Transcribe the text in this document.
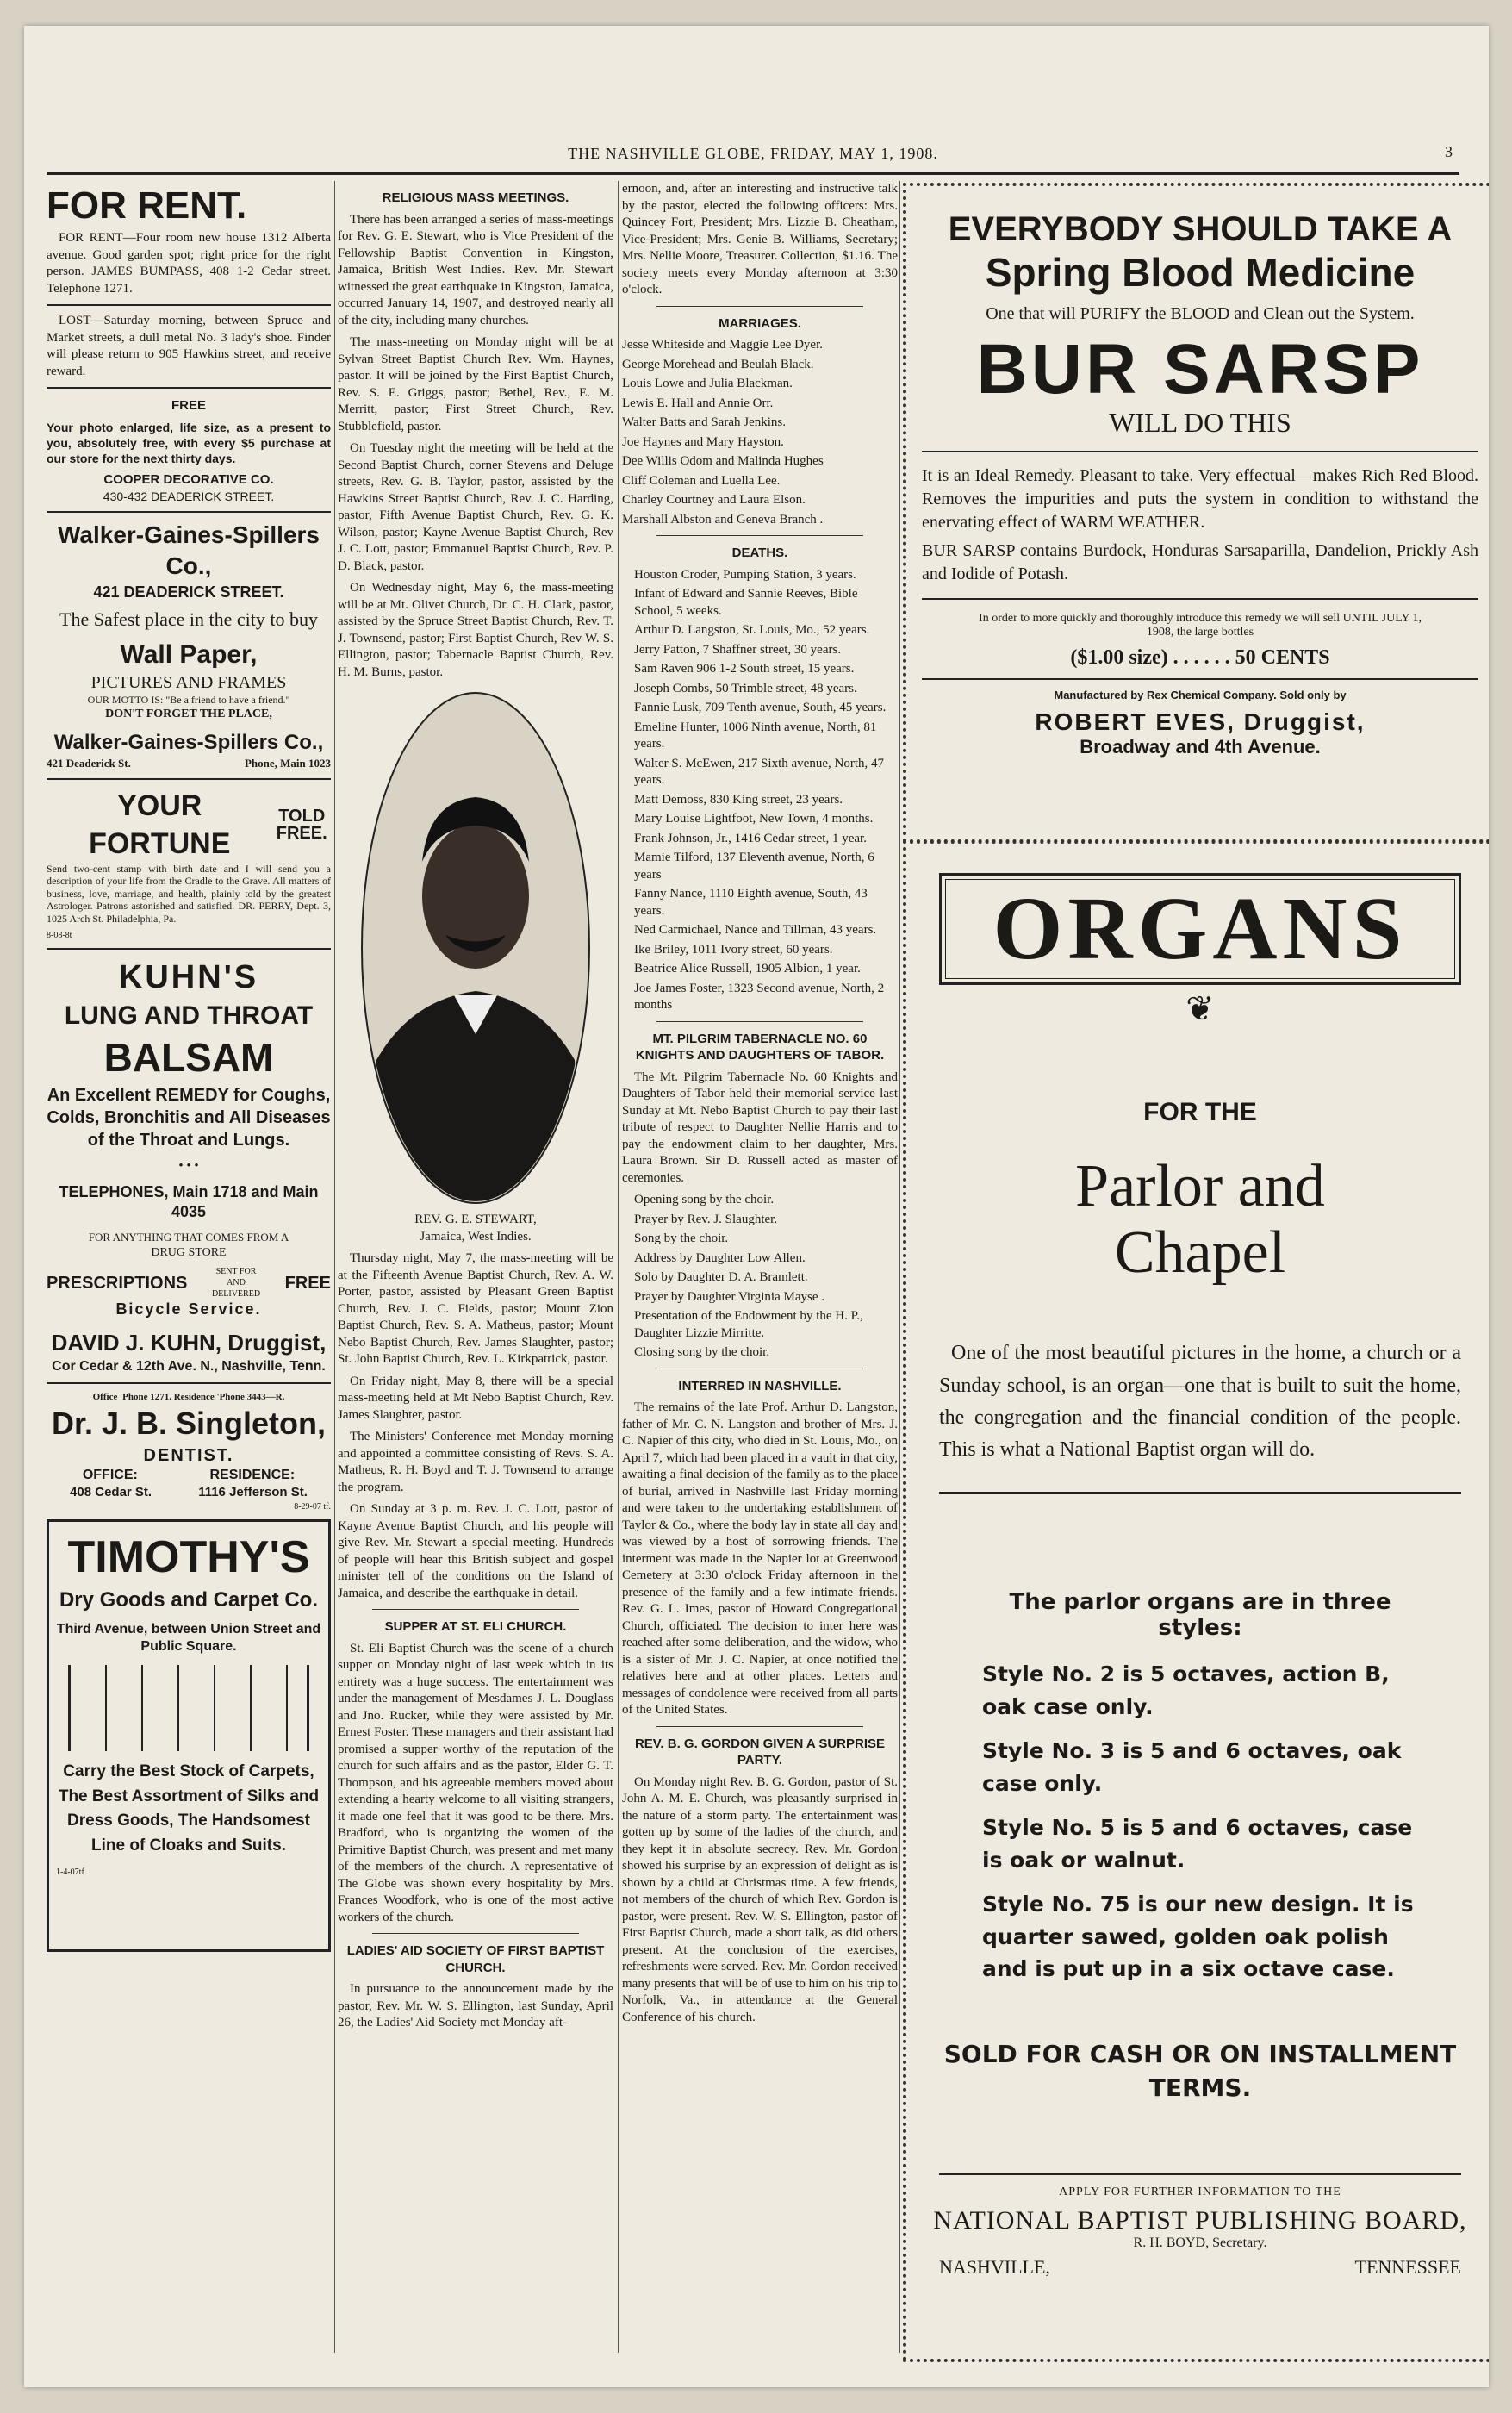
THE NASHVILLE GLOBE, FRIDAY, MAY 1, 1908.	3
FOR RENT.

FOR RENT—Four room new house 1312 Alberta avenue. Good garden spot; right price for the right person. JAMES BUMPASS, 408 1-2 Cedar street. Telephone 1271.

LOST—Saturday morning, between Spruce and Market streets, a dull metal No. 3 lady's shoe. Finder will please return to 905 Hawkins street, and receive reward.

FREE

Your photo enlarged, life size, as a present to you, absolutely free, with every $5 purchase at our store for the next thirty days.

COOPER DECORATIVE CO.
430-432 DEADERICK STREET.
Walker-Gaines-Spillers Co.,
421 DEADERICK STREET.
The Safest place in the city to buy
Wall Paper,
PICTURES AND FRAMES
OUR MOTTO IS: "Be a friend to have a friend."
DON'T FORGET THE PLACE,
Walker-Gaines-Spillers Co.,
421 Deaderick St.	Phone, Main 1023
YOUR FORTUNE
TOLD FREE.

Send two-cent stamp with birth date and I will send you a description of your life from the Cradle to the Grave. All matters of business, love, marriage, and health, plainly told by the greatest Astrologer. Patrons astonished and satisfied. DR. PERRY, Dept. 3, 1025 Arch St. Philadelphia, Pa.

8-08-8t
KUHN'S
LUNG AND THROAT
BALSAM
An Excellent REMEDY for Coughs, Colds, Bronchitis and All Diseases of the Throat and Lungs.
• • •
TELEPHONES, Main 1718 and Main 4035
FOR ANYTHING THAT COMES FROM A
DRUG STORE
PRESCRIPTIONS
SENT FOR AND DELIVERED
FREE
Bicycle Service.
DAVID J. KUHN, Druggist,
Cor Cedar & 12th Ave. N., Nashville, Tenn.
Office 'Phone 1271. Residence 'Phone 3443—R.
Dr. J. B. Singleton,
DENTIST.
OFFICE:	RESIDENCE:
408 Cedar St.	1116 Jefferson St.
8-29-07 tf.
TIMOTHY'S
Dry Goods and Carpet Co.
Third Avenue, between Union Street and Public Square.
Carry the Best Stock of Carpets, The Best Assortment of Silks and Dress Goods, The Handsomest Line of Cloaks and Suits.
1-4-07tf
RELIGIOUS MASS MEETINGS.

There has been arranged a series of mass-meetings for Rev. G. E. Stewart, who is Vice President of the Fellowship Baptist Convention in Kingston, Jamaica, British West Indies. Rev. Mr. Stewart witnessed the great earthquake in Kingston, Jamaica, occurred January 14, 1907, and destroyed nearly all of the city, including many churches.

The mass-meeting on Monday night will be at Sylvan Street Baptist Church Rev. Wm. Haynes, pastor. It will be joined by the First Baptist Church, Rev. S. E. Griggs, pastor; Bethel, Rev., E. M. Merritt, pastor; First Street Church, Rev. Stubblefield, pastor.

On Tuesday night the meeting will be held at the Second Baptist Church, corner Stevens and Deluge streets, Rev. G. B. Taylor, pastor, assisted by the Hawkins Street Baptist Church, Rev. J. C. Harding, pastor, Fifth Avenue Baptist Church, Rev. G. K. Wilson, pastor; Kayne Avenue Baptist Church, Rev J. C. Lott, pastor; Emmanuel Baptist Church, Rev. P. D. Black, pastor.

On Wednesday night, May 6, the mass-meeting will be at Mt. Olivet Church, Dr. C. H. Clark, pastor, assisted by the Spruce Street Baptist Church, Rev. T. J. Townsend, pastor; First Baptist Church, Rev W. S. Ellington, pastor; Tabernacle Baptist Church, Rev. H. M. Burns, pastor.

REV. G. E. STEWART,
Jamaica, West Indies.

Thursday night, May 7, the mass-meeting will be at the Fifteenth Avenue Baptist Church, Rev. A. W. Porter, pastor, assisted by Pleasant Green Baptist Church, Rev. J. C. Fields, pastor; Mount Zion Baptist Church, Rev. S. A. Matheus, pastor; Mount Nebo Baptist Church, Rev. James Slaughter, pastor; St. John Baptist Church, Rev. L. Kirkpatrick, pastor.

On Friday night, May 8, there will be a special mass-meeting held at Mt Nebo Baptist Church, Rev. James Slaughter, pastor.

The Ministers' Conference met Monday morning and appointed a committee consisting of Revs. S. A. Matheus, R. H. Boyd and T. J. Townsend to arrange the program.

On Sunday at 3 p. m. Rev. J. C. Lott, pastor of Kayne Avenue Baptist Church, and his people will give Rev. Mr. Stewart a special meeting. Hundreds of people will hear this British subject and gospel minister tell of the conditions on the Island of Jamaica, and describe the earthquake in detail.

SUPPER AT ST. ELI CHURCH.

St. Eli Baptist Church was the scene of a church supper on Monday night of last week which in its entirety was a huge success. The entertainment was under the management of Mesdames J. L. Douglass and Jno. Rucker, while they were assisted by Mr. Ernest Foster. These managers and their assistant had promised a supper worthy of the reputation of the church for such affairs and as the pastor, Elder G. T. Thompson, and his agreeable members moved about extending a hearty welcome to all visiting strangers, it made one feel that it was good to be there. Mrs. Bradford, who is organizing the women of the Primitive Baptist Church, was present and met many of the members of the church. A representative of The Globe was shown every hospitality by Mrs. Frances Woodfork, who is one of the most active workers of the church.

LADIES' AID SOCIETY OF FIRST BAPTIST CHURCH.

In pursuance to the announcement made by the pastor, Rev. Mr. W. S. Ellington, last Sunday, April 26, the Ladies' Aid Society met Monday aft-

ernoon, and, after an interesting and instructive talk by the pastor, elected the following officers: Mrs. Quincey Fort, President; Mrs. Lizzie B. Cheatham, Vice-President; Mrs. Genie B. Williams, Secretary; Mrs. Nellie Moore, Treasurer. Collection, $1.16. The society meets every Monday afternoon at 3:30 o'clock.

MARRIAGES.
Jesse Whiteside and Maggie Lee Dyer.
George Morehead and Beulah Black.
Louis Lowe and Julia Blackman.
Lewis E. Hall and Annie Orr.
Walter Batts and Sarah Jenkins.
Joe Haynes and Mary Hayston.
Dee Willis Odom and Malinda Hughes
Cliff Coleman and Luella Lee.
Charley Courtney and Laura Elson.
Marshall Albston and Geneva Branch .
DEATHS.
Houston Croder, Pumping Station, 3 years.
Infant of Edward and Sannie Reeves, Bible School, 5 weeks.
Arthur D. Langston, St. Louis, Mo., 52 years.
Jerry Patton, 7 Shaffner street, 30 years.
Sam Raven 906 1-2 South street, 15 years.
Joseph Combs, 50 Trimble street, 48 years.
Fannie Lusk, 709 Tenth avenue, South, 45 years.
Emeline Hunter, 1006 Ninth avenue, North, 81 years.
Walter S. McEwen, 217 Sixth avenue, North, 47 years.
Matt Demoss, 830 King street, 23 years.
Mary Louise Lightfoot, New Town, 4 months.
Frank Johnson, Jr., 1416 Cedar street, 1 year.
Mamie Tilford, 137 Eleventh avenue, North, 6 years
Fanny Nance, 1110 Eighth avenue, South, 43 years.
Ned Carmichael, Nance and Tillman, 43 years.
Ike Briley, 1011 Ivory street, 60 years.
Beatrice Alice Russell, 1905 Albion, 1 year.
Joe James Foster, 1323 Second avenue, North, 2 months
MT. PILGRIM TABERNACLE NO. 60 KNIGHTS AND DAUGHTERS OF TABOR.

The Mt. Pilgrim Tabernacle No. 60 Knights and Daughters of Tabor held their memorial service last Sunday at Mt. Nebo Baptist Church to pay their last tribute of respect to Daughter Nellie Harris and to pay the endowment claim to her daughter, Mrs. Laura Brown. Sir D. Russell acted as master of ceremonies.

Opening song by the choir.
Prayer by Rev. J. Slaughter.
Song by the choir.
Address by Daughter Low Allen.
Solo by Daughter D. A. Bramlett.
Prayer by Daughter Virginia Mayse .
Presentation of the Endowment by the H. P., Daughter Lizzie Mirritte.
Closing song by the choir.
INTERRED IN NASHVILLE.

The remains of the late Prof. Arthur D. Langston, father of Mr. C. N. Langston and brother of Mrs. J. C. Napier of this city, who died in St. Louis, Mo., on April 7, which had been placed in a vault in that city, awaiting a final decision of the family as to the place of burial, arrived in Nashville last Friday morning and were taken to the undertaking establishment of Taylor & Co., where the body lay in state all day and was viewed by a host of sorrowing friends. The interment was made in the Napier lot at Greenwood Cemetery at 3:30 o'clock Friday afternoon in the presence of the family and a few intimate friends. Rev. G. L. Imes, pastor of Howard Congregational Church, officiated. The decision to inter here was reached after some deliberation, and the widow, who is a sister of Mr. J. C. Napier, at once notified the relatives here and at other places. Letters and messages of condolence were received from all parts of the United States.

REV. B. G. GORDON GIVEN A SURPRISE PARTY.

On Monday night Rev. B. G. Gordon, pastor of St. John A. M. E. Church, was pleasantly surprised in the nature of a storm party. The entertainment was gotten up by some of the ladies of the church, and they kept it in absolute secrecy. Rev. Mr. Gordon showed his surprise by an expression of delight as is shown by a child at Christmas time. A few friends, not members of the church of which Rev. Gordon is pastor, were present. Rev. W. S. Ellington, pastor of First Baptist Church, made a short talk, as did others present. At the conclusion of the exercises, refreshments were served. Rev. Mr. Gordon received many presents that will be of use to him on his trip to Norfolk, Va., in attendance at the General Conference of his church.

EVERYBODY SHOULD TAKE A
Spring Blood Medicine
One that will PURIFY the BLOOD and Clean out the System.
BUR SARSP
WILL DO THIS

It is an Ideal Remedy. Pleasant to take. Very effectual—makes Rich Red Blood. Removes the impurities and puts the system in condition to withstand the enervating effect of WARM WEATHER.

BUR SARSP contains Burdock, Honduras Sarsaparilla, Dandelion, Prickly Ash and Iodide of Potash.

In order to more quickly and thoroughly introduce this remedy we will sell UNTIL JULY 1, 1908, the large bottles
($1.00 size) . . . . . . 50 CENTS
Manufactured by Rex Chemical Company. Sold only by
ROBERT EVES, Druggist,
Broadway and 4th Avenue.
ORGANS
❦
FOR THE
Parlor and
Chapel

One of the most beautiful pictures in the home, a church or a Sunday school, is an organ—one that is built to suit the home, the congregation and the financial condition of the people. This is what a National Baptist organ will do.

The parlor organs are in three styles:
Style No. 2 is 5 octaves, action B, oak case only.
Style No. 3 is 5 and 6 octaves, oak case only.
Style No. 5 is 5 and 6 octaves, case is oak or walnut.
Style No. 75 is our new design. It is quarter sawed, golden oak polish and is put up in a six octave case.
SOLD FOR CASH OR ON INSTALLMENT TERMS.
APPLY FOR FURTHER INFORMATION TO THE
NATIONAL BAPTIST PUBLISHING BOARD,
R. H. BOYD, Secretary.
NASHVILLE,	TENNESSEE
